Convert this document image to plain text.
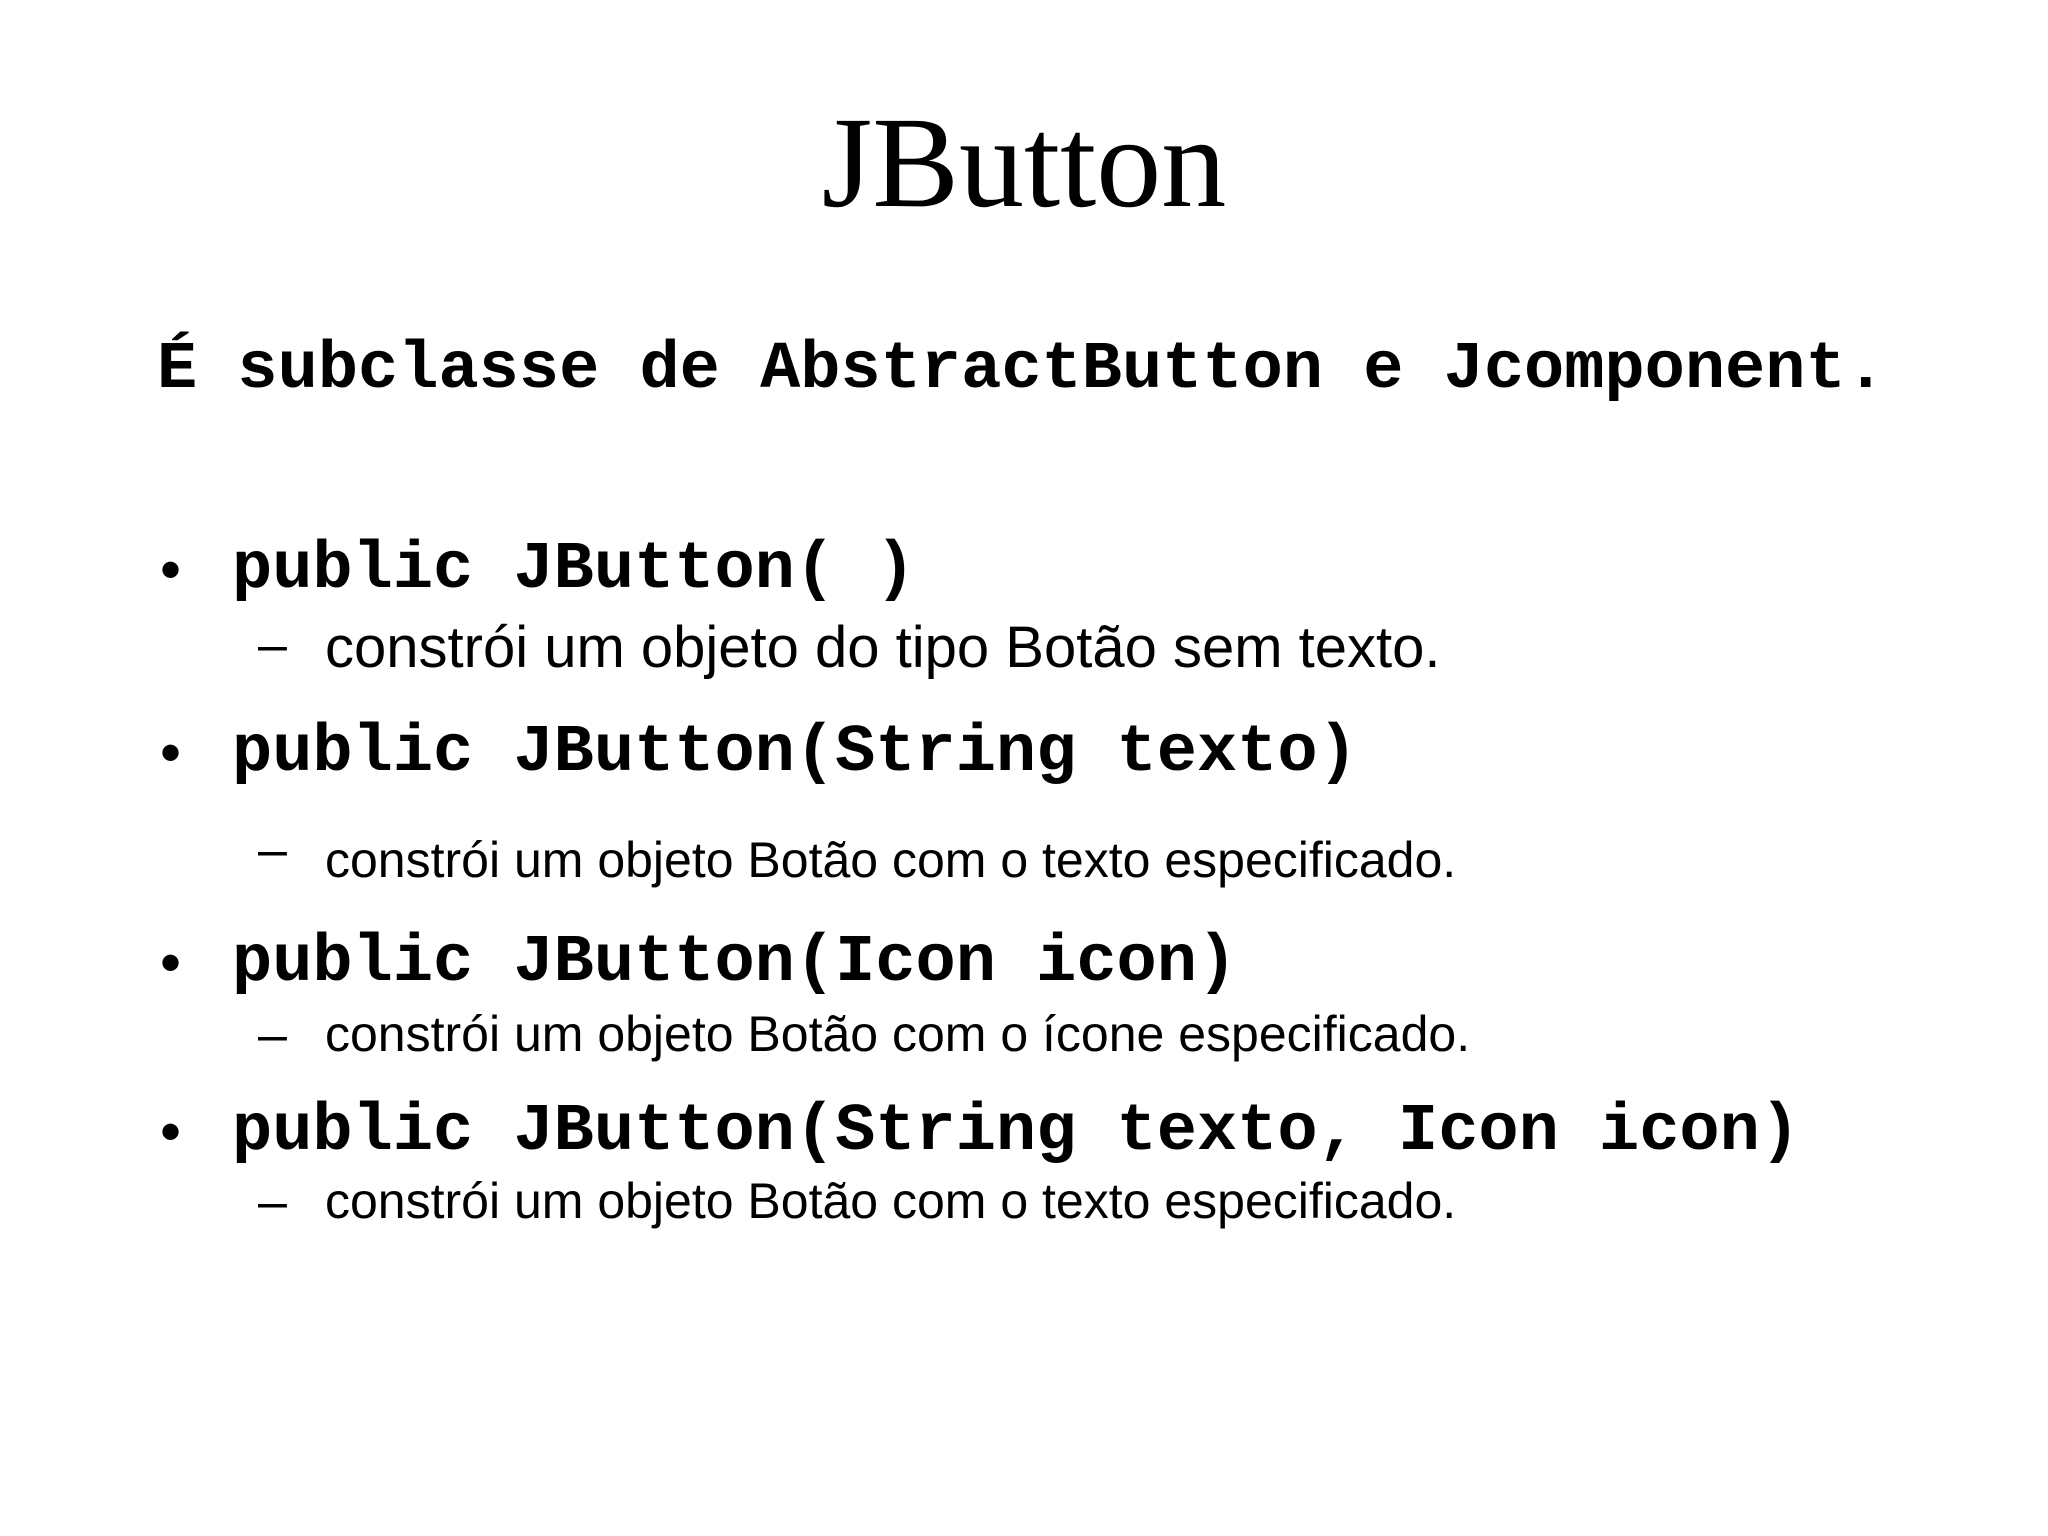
JButton
É subclasse de AbstractButton e Jcomponent.
• public JButton( )
– constrói um objeto do tipo Botão sem texto.
• public JButton(String texto)
– constrói um objeto Botão com o texto especificado.
• public JButton(Icon icon)
– constrói um objeto Botão com o ícone especificado.
• public JButton(String texto, Icon icon)
– constrói um objeto Botão com o texto especificado.
